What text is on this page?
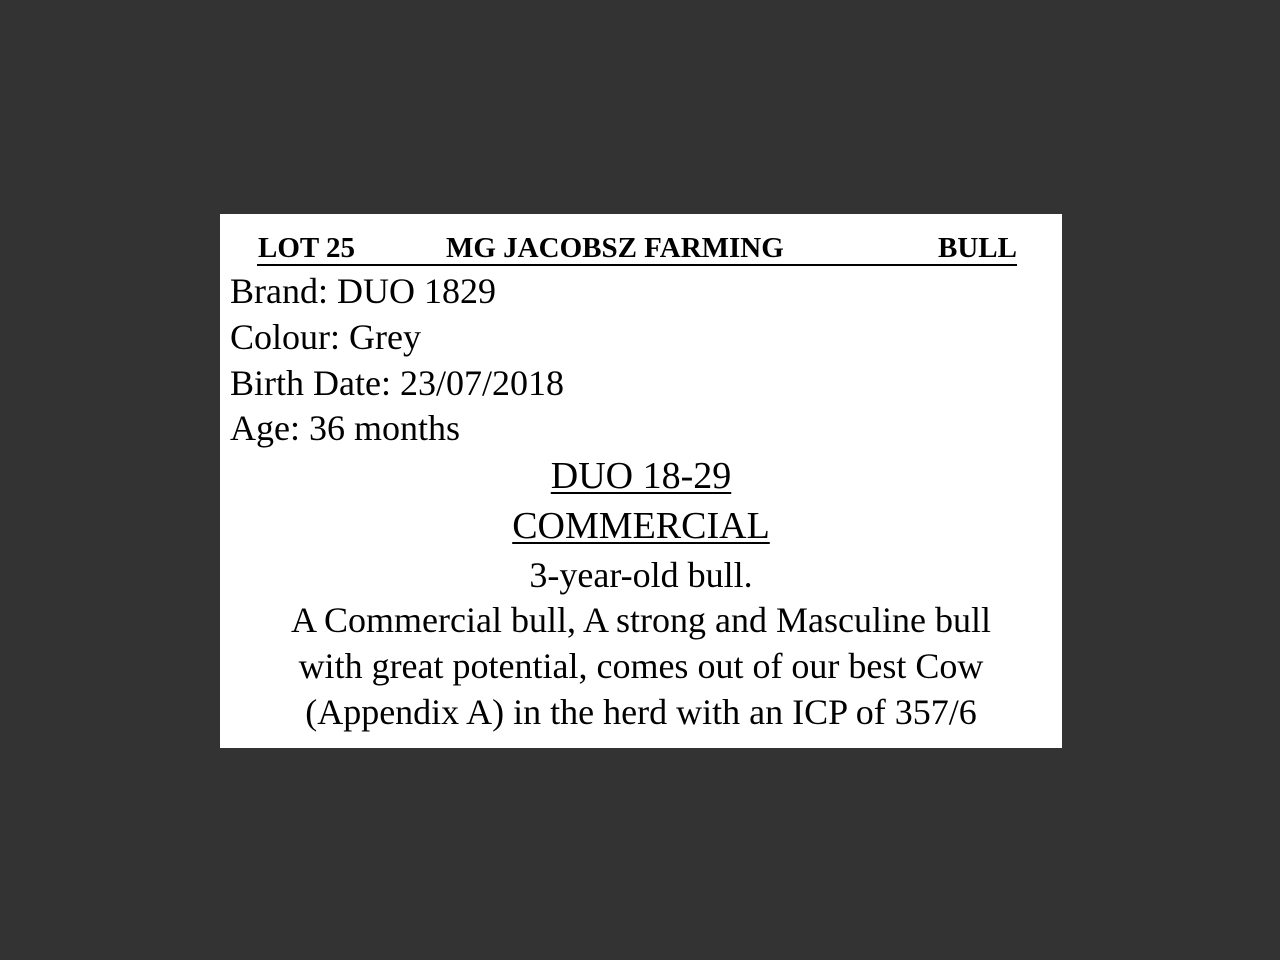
LOT 25	MG JACOBSZ FARMING	BULL
Brand: DUO 1829
Colour: Grey
Birth Date: 23/07/2018
Age: 36 months
DUO 18-29
COMMERCIAL
3-year-old bull.
A Commercial bull, A strong and Masculine bull
with great potential, comes out of our best Cow
(Appendix A) in the herd with an ICP of 357/6
